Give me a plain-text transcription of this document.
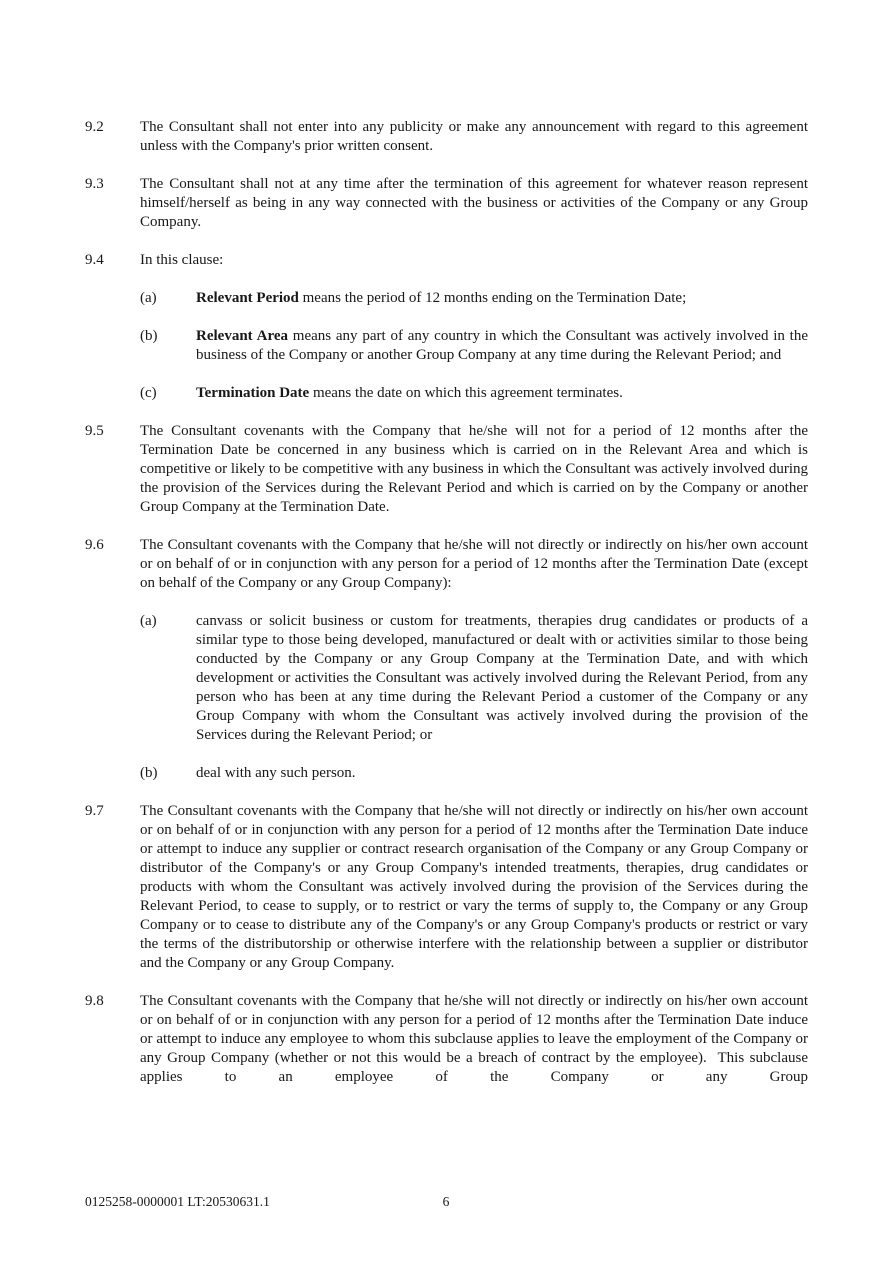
9.2	The Consultant shall not enter into any publicity or make any announcement with regard to this agreement unless with the Company's prior written consent.

9.3	The Consultant shall not at any time after the termination of this agreement for whatever reason represent himself/herself as being in any way connected with the business or activities of the Company or any Group Company.

9.4	In this clause:

(a)	Relevant Period means the period of 12 months ending on the Termination Date;
(b)	Relevant Area means any part of any country in which the Consultant was actively involved in the business of the Company or another Group Company at any time during the Relevant Period; and
(c)	Termination Date means the date on which this agreement terminates.
9.5	The Consultant covenants with the Company that he/she will not for a period of 12 months after the Termination Date be concerned in any business which is carried on in the Relevant Area and which is competitive or likely to be competitive with any business in which the Consultant was actively involved during the provision of the Services during the Relevant Period and which is carried on by the Company or another Group Company at the Termination Date.

9.6	The Consultant covenants with the Company that he/she will not directly or indirectly on his/her own account or on behalf of or in conjunction with any person for a period of 12 months after the Termination Date (except on behalf of the Company or any Group Company):

(a)	canvass or solicit business or custom for treatments, therapies drug candidates or products of a similar type to those being developed, manufactured or dealt with or activities similar to those being conducted by the Company or any Group Company at the Termination Date, and with which development or activities the Consultant was actively involved during the Relevant Period, from any person who has been at any time during the Relevant Period a customer of the Company or any Group Company with whom the Consultant was actively involved during the provision of the Services during the Relevant Period; or
(b)	deal with any such person.
9.7	The Consultant covenants with the Company that he/she will not directly or indirectly on his/her own account or on behalf of or in conjunction with any person for a period of 12 months after the Termination Date induce or attempt to induce any supplier or contract research organisation of the Company or any Group Company or distributor of the Company's or any Group Company's intended treatments, therapies, drug candidates or products with whom the Consultant was actively involved during the provision of the Services during the Relevant Period, to cease to supply, or to restrict or vary the terms of supply to, the Company or any Group Company or to cease to distribute any of the Company's or any Group Company's products or restrict or vary the terms of the distributorship or otherwise interfere with the relationship between a supplier or distributor and the Company or any Group Company.

9.8	The Consultant covenants with the Company that he/she will not directly or indirectly on his/her own account or on behalf of or in conjunction with any person for a period of 12 months after the Termination Date induce or attempt to induce any employee to whom this subclause applies to leave the employment of the Company or any Group Company (whether or not this would be a breach of contract by the employee).  This subclause applies to an employee of the Company or any Group

0125258-0000001 LT:20530631.1	6
